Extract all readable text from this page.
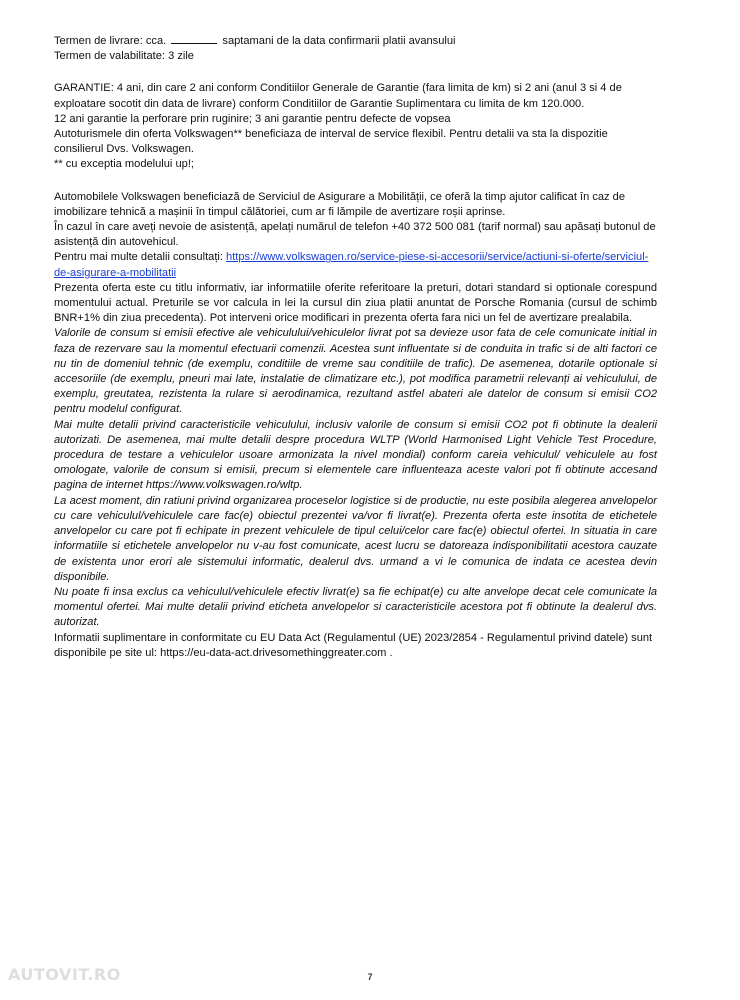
Termen de livrare: cca.	saptamani de la data confirmarii platii avansului

Termen de valabilitate: 3 zile

GARANTIE: 4 ani, din care 2 ani conform Conditiilor Generale de Garantie (fara limita de km) si 2 ani (anul 3 si 4 de exploatare socotit din data de livrare) conform Conditiilor de Garantie Suplimentara cu limita de km 120.000.

12 ani garantie la perforare prin ruginire; 3 ani garantie pentru defecte de vopsea

Autoturismele din oferta Volkswagen** beneficiaza de interval de service flexibil. Pentru detalii va sta la dispozitie consilierul Dvs. Volkswagen.

** cu exceptia modelului up!;

Automobilele Volkswagen beneficiază de Serviciul de Asigurare a Mobilității, ce oferă la timp ajutor calificat în caz de imobilizare tehnică a mașinii în timpul călătoriei, cum ar fi lămpile de avertizare roșii aprinse.

În cazul în care aveți nevoie de asistență, apelați numărul de telefon +40 372 500 081 (tarif normal) sau apăsați butonul de asistență din autovehicul.

Pentru mai multe detalii consultați: https://www.volkswagen.ro/service-piese-si-accesorii/service/actiuni-si-oferte/serviciul-de-asigurare-a-mobilitatii

Prezenta oferta este cu titlu informativ, iar informatiile oferite referitoare la preturi, dotari standard si optionale corespund momentului actual. Preturile se vor calcula in lei la cursul din ziua platii anuntat de Porsche Romania (cursul de schimb BNR+1% din ziua precedenta). Pot interveni orice modificari in prezenta oferta fara nici un fel de avertizare prealabila.

Valorile de consum si emisii efective ale vehiculului/vehiculelor livrat pot sa devieze usor fata de cele comunicate initial in faza de rezervare sau la momentul efectuarii comenzii. Acestea sunt influentate si de conduita in trafic si de alti factori ce nu tin de domeniul tehnic (de exemplu, conditiile de vreme sau conditiile de trafic). De asemenea, dotarile optionale si accesoriile (de exemplu, pneuri mai late, instalatie de climatizare etc.), pot modifica parametrii relevanți ai vehiculului, de exemplu, greutatea, rezistenta la rulare si aerodinamica, rezultand astfel abateri ale datelor de consum si emisii CO2 pentru modelul configurat.

Mai multe detalii privind caracteristicile vehiculului, inclusiv valorile de consum si emisii CO2 pot fi obtinute la dealerii autorizati. De asemenea, mai multe detalii despre procedura WLTP (World Harmonised Light Vehicle Test Procedure, procedura de testare a vehiculelor usoare armonizata la nivel mondial) conform careia vehiculul/ vehiculele au fost omologate, valorile de consum si emisii, precum si elementele care influenteaza aceste valori pot fi obtinute accesand pagina de internet https://www.volkswagen.ro/wltp.

La acest moment, din ratiuni privind organizarea proceselor logistice si de productie, nu este posibila alegerea anvelopelor cu care vehiculul/vehiculele care fac(e) obiectul prezentei va/vor fi livrat(e). Prezenta oferta este insotita de etichetele anvelopelor cu care pot fi echipate in prezent vehiculele de tipul celui/celor care fac(e) obiectul ofertei. In situatia in care informatiile si etichetele anvelopelor nu v-au fost comunicate, acest lucru se datoreaza indisponibilitatii acestora cauzate de existenta unor erori ale sistemului informatic, dealerul dvs. urmand a vi le comunica de indata ce acestea devin disponibile.

Nu poate fi insa exclus ca vehiculul/vehiculele efectiv livrat(e) sa fie echipat(e) cu alte anvelope decat cele comunicate la momentul ofertei. Mai multe detalii privind eticheta anvelopelor si caracteristicile acestora pot fi obtinute la dealerul dvs. autorizat.

Informatii suplimentare in conformitate cu EU Data Act (Regulamentul (UE) 2023/2854 - Regulamentul privind datele) sunt disponibile pe site ul: https://eu-data-act.drivesomethinggreater.com .

AUTOVIT.RO	7
